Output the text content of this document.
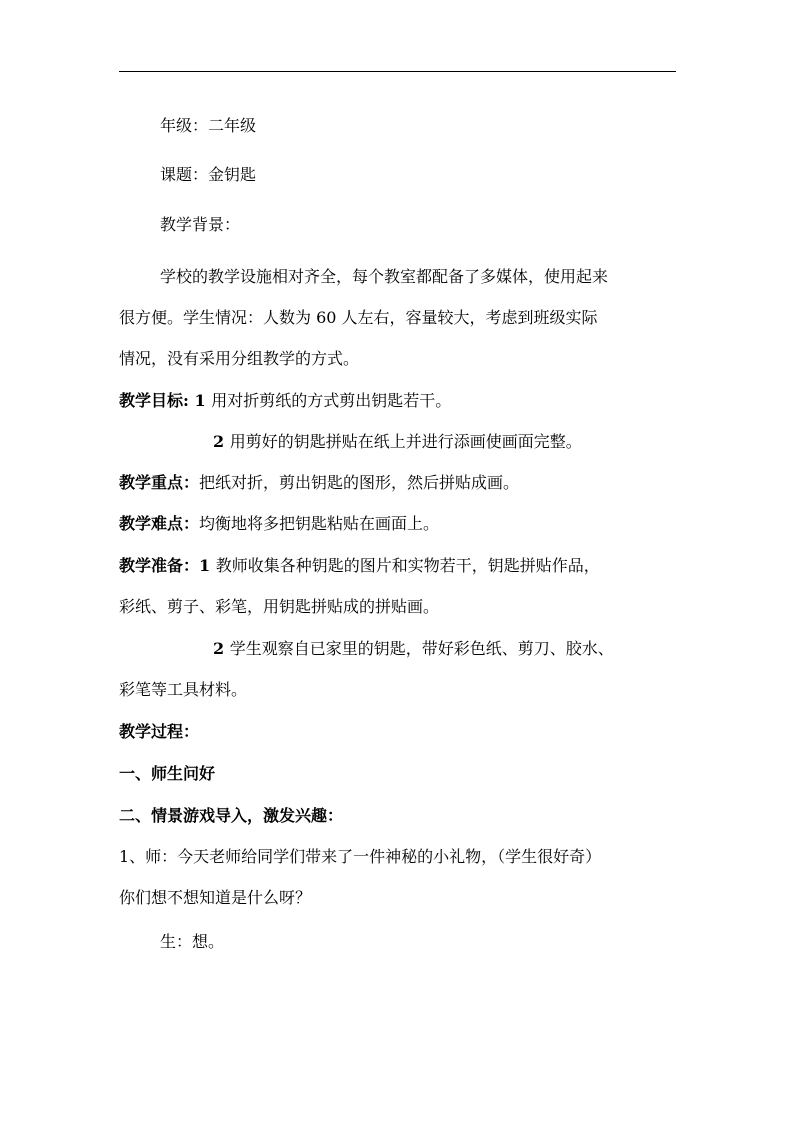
年级：二年级
课题：金钥匙
教学背景：
学校的教学设施相对齐全，每个教室都配备了多媒体，使用起来
很方便。学生情况：人数为 60 人左右，容量较大，考虑到班级实际
情况，没有采用分组教学的方式。
教学目标: 1 用对折剪纸的方式剪出钥匙若干。
2 用剪好的钥匙拼贴在纸上并进行添画使画面完整。
教学重点：把纸对折，剪出钥匙的图形，然后拼贴成画。
教学难点：均衡地将多把钥匙粘贴在画面上。
教学准备：1 教师收集各种钥匙的图片和实物若干，钥匙拼贴作品，
彩纸、剪子、彩笔，用钥匙拼贴成的拼贴画。
2 学生观察自已家里的钥匙，带好彩色纸、剪刀、胶水、
彩笔等工具材料。
教学过程：
一、师生问好
二、情景游戏导入，激发兴趣：
1、师：今天老师给同学们带来了一件神秘的小礼物，（学生很好奇）
你们想不想知道是什么呀？
生：想。
